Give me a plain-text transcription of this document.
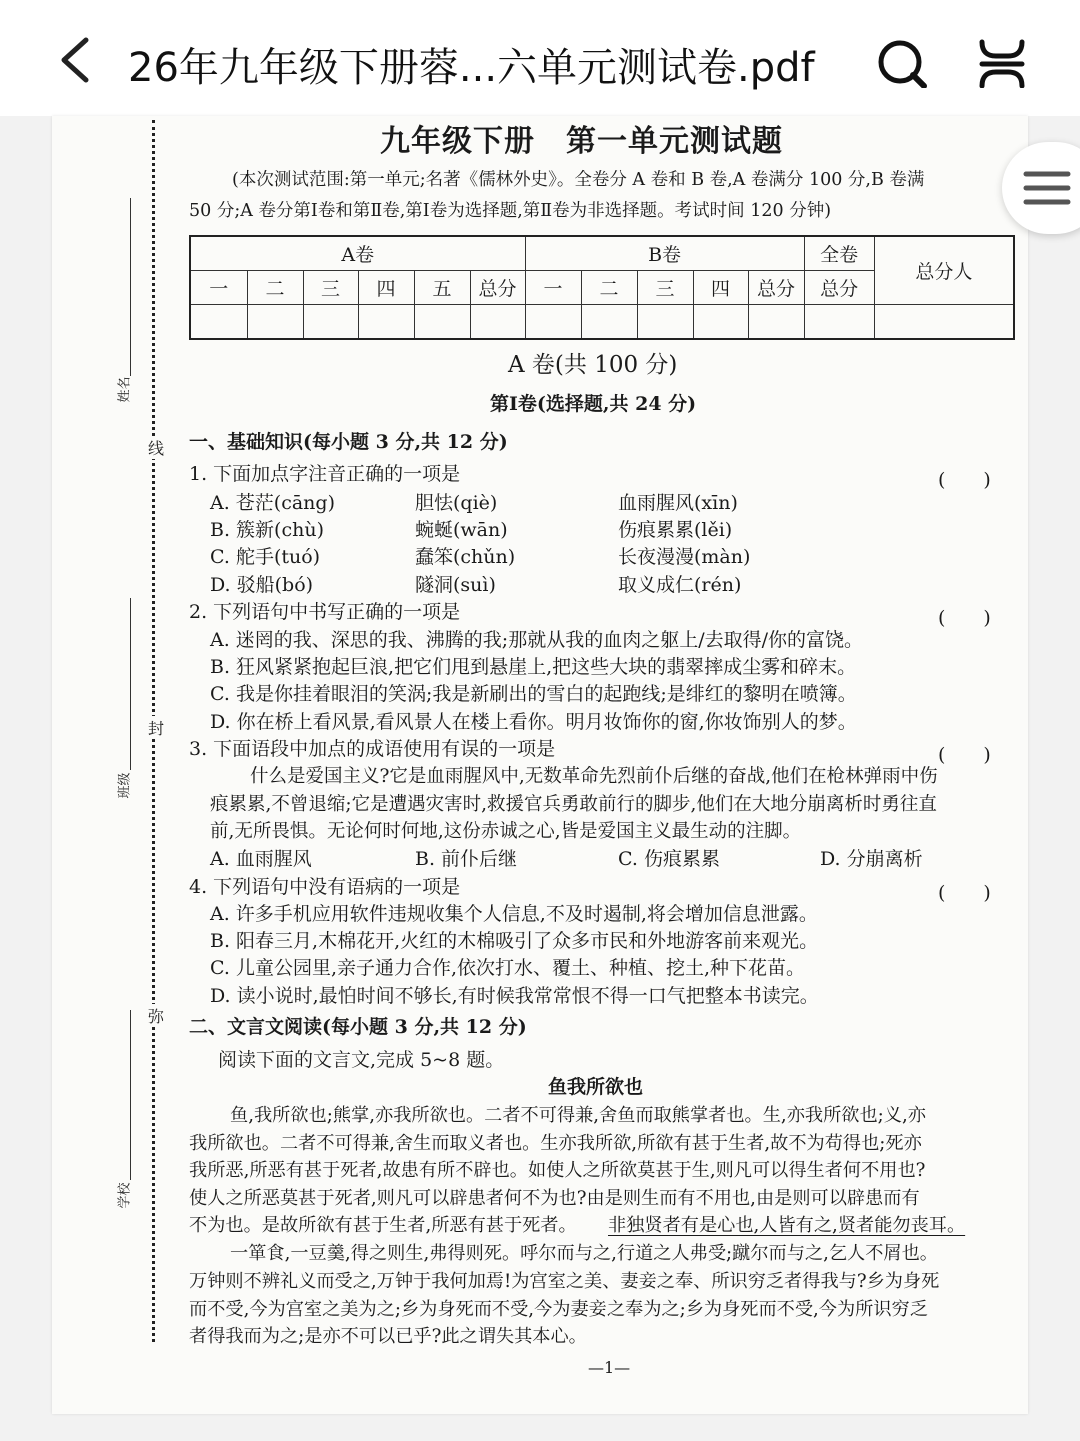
26年九年级下册蓉...六单元测试卷.pdf
姓名
班级
学校
线
封
弥
九年级下册　第一单元测试题
(本次测试范围:第一单元;名著《儒林外史》。全卷分 A 卷和 B 卷,A 卷满分 100 分,B 卷满
50 分;A 卷分第Ⅰ卷和第Ⅱ卷,第Ⅰ卷为选择题,第Ⅱ卷为非选择题。考试时间 120 分钟)
A卷						B卷					全卷	总分人
一	二	三	四	五	总分	一	二	三	四	总分	总分	

A 卷(共 100 分)
第Ⅰ卷(选择题,共 24 分)
一、基础知识(每小题 3 分,共 12 分)
1. 下面加点字注音正确的一项是	(　　)
A. 苍茫(cāng)	胆怯(qiè)	血雨腥风(xīn)
B. 簇新(chù)	蜿蜒(wān)	伤痕累累(lěi)
C. 舵手(tuó)	蠢笨(chǔn)	长夜漫漫(màn)
D. 驳船(bó)	隧洞(suì)	取义成仁(rén)
2. 下列语句中书写正确的一项是	(　　)
A. 迷罔的我、深思的我、沸腾的我;那就从我的血肉之躯上/去取得/你的富饶。
B. 狂风紧紧抱起巨浪,把它们甩到悬崖上,把这些大块的翡翠摔成尘雾和碎末。
C. 我是你挂着眼泪的笑涡;我是新刷出的雪白的起跑线;是绯红的黎明在喷簿。
D. 你在桥上看风景,看风景人在楼上看你。明月妆饰你的窗,你妆饰别人的梦。
3. 下面语段中加点的成语使用有误的一项是	(　　)
什么是爱国主义?它是血雨腥风中,无数革命先烈前仆后继的奋战,他们在枪林弹雨中伤
痕累累,不曾退缩;它是遭遇灾害时,救援官兵勇敢前行的脚步,他们在大地分崩离析时勇往直
前,无所畏惧。无论何时何地,这份赤诚之心,皆是爱国主义最生动的注脚。
A. 血雨腥风	B. 前仆后继	C. 伤痕累累	D. 分崩离析
4. 下列语句中没有语病的一项是	(　　)
A. 许多手机应用软件违规收集个人信息,不及时遏制,将会增加信息泄露。
B. 阳春三月,木棉花开,火红的木棉吸引了众多市民和外地游客前来观光。
C. 儿童公园里,亲子通力合作,依次打水、覆土、种植、挖土,种下花苗。
D. 读小说时,最怕时间不够长,有时候我常常恨不得一口气把整本书读完。
二、文言文阅读(每小题 3 分,共 12 分)
阅读下面的文言文,完成 5~8 题。
鱼我所欲也
鱼,我所欲也;熊掌,亦我所欲也。二者不可得兼,舍鱼而取熊掌者也。生,亦我所欲也;义,亦
我所欲也。二者不可得兼,舍生而取义者也。生亦我所欲,所欲有甚于生者,故不为苟得也;死亦
我所恶,所恶有甚于死者,故患有所不辟也。如使人之所欲莫甚于生,则凡可以得生者何不用也?
使人之所恶莫甚于死者,则凡可以辟患者何不为也?由是则生而有不用也,由是则可以辟患而有
不为也。是故所欲有甚于生者,所恶有甚于死者。 非独贤者有是心也,人皆有之,贤者能勿丧耳。
一箪食,一豆羹,得之则生,弗得则死。呼尔而与之,行道之人弗受;蹴尔而与之,乞人不屑也。
万钟则不辨礼义而受之,万钟于我何加焉!为宫室之美、妻妾之奉、所识穷乏者得我与?乡为身死
而不受,今为宫室之美为之;乡为身死而不受,今为妻妾之奉为之;乡为身死而不受,今为所识穷乏
者得我而为之;是亦不可以已乎?此之谓失其本心。
—1—
